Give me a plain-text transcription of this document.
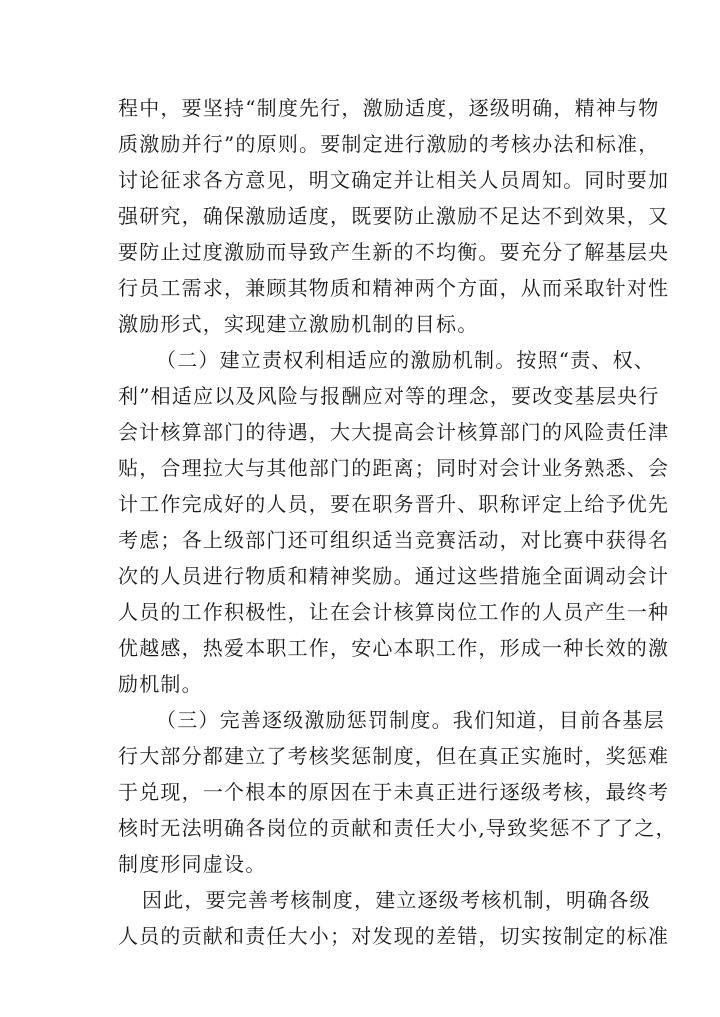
程中，要坚持“制度先行，激励适度，逐级明确，精神与物
质激励并行”的原则。要制定进行激励的考核办法和标准，
讨论征求各方意见，明文确定并让相关人员周知。同时要加
强研究，确保激励适度，既要防止激励不足达不到效果，又
要防止过度激励而导致产生新的不均衡。要充分了解基层央
行员工需求，兼顾其物质和精神两个方面，从而采取针对性
激励形式，实现建立激励机制的目标。
（二）建立责权利相适应的激励机制。按照“责、权、
利”相适应以及风险与报酬应对等的理念，要改变基层央行
会计核算部门的待遇，大大提高会计核算部门的风险责任津
贴，合理拉大与其他部门的距离；同时对会计业务熟悉、会
计工作完成好的人员，要在职务晋升、职称评定上给予优先
考虑；各上级部门还可组织适当竞赛活动，对比赛中获得名
次的人员进行物质和精神奖励。通过这些措施全面调动会计
人员的工作积极性，让在会计核算岗位工作的人员产生一种
优越感，热爱本职工作，安心本职工作，形成一种长效的激
励机制。
（三）完善逐级激励惩罚制度。我们知道，目前各基层
行大部分都建立了考核奖惩制度，但在真正实施时，奖惩难
于兑现，一个根本的原因在于未真正进行逐级考核，最终考
核时无法明确各岗位的贡献和责任大小,导致奖惩不了了之，
制度形同虚设。
因此，要完善考核制度，建立逐级考核机制，明确各级
人员的贡献和责任大小；对发现的差错，切实按制定的标准
